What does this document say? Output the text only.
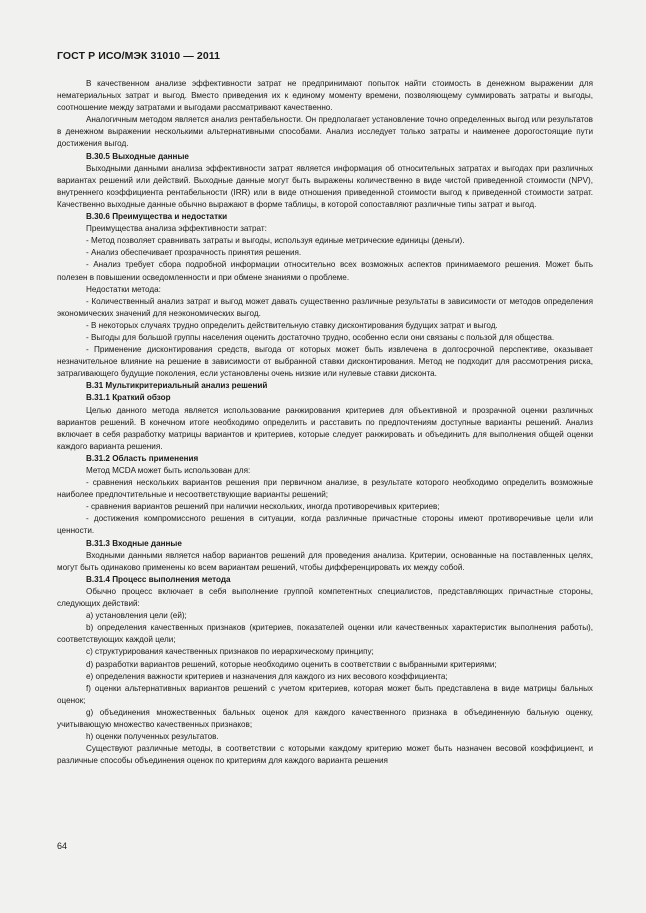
ГОСТ Р ИСО/МЭК 31010 — 2011

В качественном анализе эффективности затрат не предпринимают попыток найти стоимость в денежном выражении для нематериальных затрат и выгод. Вместо приведения их к единому моменту времени, позволяющему суммировать затраты и выгоды, соотношение между затратами и выгодами рассматривают качественно.

Аналогичным методом является анализ рентабельности. Он предполагает установление точно определенных выгод или результатов в денежном выражении несколькими альтернативными способами. Анализ исследует только затраты и наименее дорогостоящие пути достижения выгод.

В.30.5 Выходные данные

Выходными данными анализа эффективности затрат является информация об относительных затратах и выгодах при различных вариантах решений или действий. Выходные данные могут быть выражены количественно в виде чистой приведенной стоимости (NPV), внутреннего коэффициента рентабельности (IRR) или в виде отношения приведенной стоимости выгод к приведенной стоимости затрат. Качественно выходные данные обычно выражают в форме таблицы, в которой сопоставляют различные типы затрат и выгод.

В.30.6 Преимущества и недостатки

Преимущества анализа эффективности затрат:

- Метод позволяет сравнивать затраты и выгоды, используя единые метрические единицы (деньги).

- Анализ обеспечивает прозрачность принятия решения.

- Анализ требует сбора подробной информации относительно всех возможных аспектов принимаемого решения. Может быть полезен в повышении осведомленности и при обмене знаниями о проблеме.

Недостатки метода:

- Количественный анализ затрат и выгод может давать существенно различные результаты в зависимости от методов определения экономических значений для неэкономических выгод.

- В некоторых случаях трудно определить действительную ставку дисконтирования будущих затрат и выгод.

- Выгоды для большой группы населения оценить достаточно трудно, особенно если они связаны с пользой для общества.

- Применение дисконтирования средств, выгода от которых может быть извлечена в долгосрочной перспективе, оказывает незначительное влияние на решение в зависимости от выбранной ставки дисконтирования. Метод не подходит для рассмотрения риска, затрагивающего будущие поколения, если установлены очень низкие или нулевые ставки дисконта.

В.31 Мультикритериальный анализ решений

В.31.1 Краткий обзор

Целью данного метода является использование ранжирования критериев для объективной и прозрачной оценки различных вариантов решений. В конечном итоге необходимо определить и расставить по предпочтениям доступные варианты решений. Анализ включает в себя разработку матрицы вариантов и критериев, которые следует ранжировать и объединить для выполнения общей оценки каждого варианта решения.

В.31.2 Область применения

Метод MCDA может быть использован для:

- сравнения нескольких вариантов решения при первичном анализе, в результате которого необходимо определить возможные наиболее предпочтительные и несоответствующие варианты решений;

- сравнения вариантов решений при наличии нескольких, иногда противоречивых критериев;

- достижения компромиссного решения в ситуации, когда различные причастные стороны имеют противоречивые цели или ценности.

В.31.3 Входные данные

Входными данными является набор вариантов решений для проведения анализа. Критерии, основанные на поставленных целях, могут быть одинаково применены ко всем вариантам решений, чтобы дифференцировать их между собой.

В.31.4 Процесс выполнения метода

Обычно процесс включает в себя выполнение группой компетентных специалистов, представляющих причастные стороны, следующих действий:

a) установления цели (ей);

b) определения качественных признаков (критериев, показателей оценки или качественных характеристик выполнения работы), соответствующих каждой цели;

c) структурирования качественных признаков по иерархическому принципу;

d) разработки вариантов решений, которые необходимо оценить в соответствии с выбранными критериями;

e) определения важности критериев и назначения для каждого из них весового коэффициента;

f) оценки альтернативных вариантов решений с учетом критериев, которая может быть представлена в виде матрицы бальных оценок;

g) объединения множественных бальных оценок для каждого качественного признака в объединенную бальную оценку, учитывающую множество качественных признаков;

h) оценки полученных результатов.

Существуют различные методы, в соответствии с которыми каждому критерию может быть назначен весовой коэффициент, и различные способы объединения оценок по критериям для каждого варианта решения

64
